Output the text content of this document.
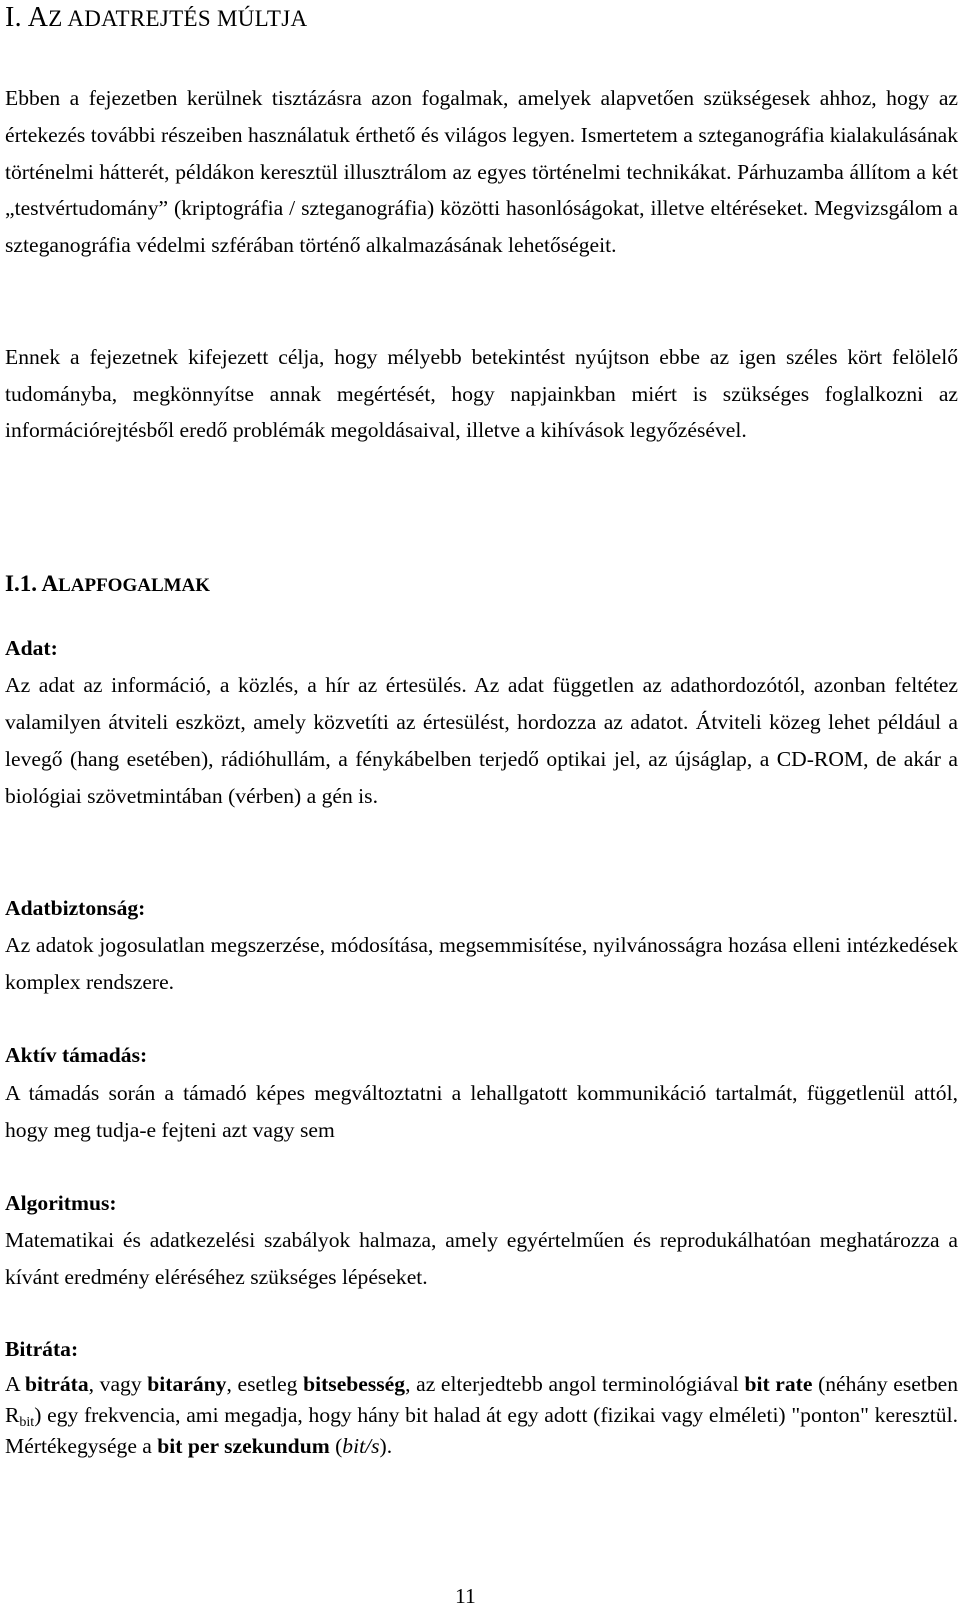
I. AZ ADATREJTÉS MÚLTJA

Ebben a fejezetben kerülnek tisztázásra azon fogalmak, amelyek alapvetően szükségesek ahhoz, hogy az értekezés további részeiben használatuk érthető és világos legyen. Ismertetem a szteganográfia kialakulásának történelmi hátterét, példákon keresztül illusztrálom az egyes történelmi technikákat. Párhuzamba állítom a két „testvértudomány” (kriptográfia / szteganográfia) közötti hasonlóságokat, illetve eltéréseket. Megvizsgálom a szteganográfia védelmi szférában történő alkalmazásának lehetőségeit.

Ennek a fejezetnek kifejezett célja, hogy mélyebb betekintést nyújtson ebbe az igen széles kört felölelő tudományba, megkönnyítse annak megértését, hogy napjainkban miért is szükséges foglalkozni az információrejtésből eredő problémák megoldásaival, illetve a kihívások legyőzésével.

I.1. ALAPFOGALMAK
Adat:

Az adat az információ, a közlés, a hír az értesülés. Az adat független az adathordozótól, azonban feltétez valamilyen átviteli eszközt, amely közvetíti az értesülést, hordozza az adatot. Átviteli közeg lehet például a levegő (hang esetében), rádióhullám, a fénykábelben terjedő optikai jel, az újságlap, a CD-ROM, de akár a biológiai szövetmintában (vérben) a gén is.

Adatbiztonság:

Az adatok jogosulatlan megszerzése, módosítása, megsemmisítése, nyilvánosságra hozása elleni intézkedések komplex rendszere.

Aktív támadás:

A támadás során a támadó képes megváltoztatni a lehallgatott kommunikáció tartalmát, függetlenül attól, hogy meg tudja-e fejteni azt vagy sem

Algoritmus:

Matematikai és adatkezelési szabályok halmaza, amely egyértelműen és reprodukálhatóan meghatározza a kívánt eredmény eléréséhez szükséges lépéseket.

Bitráta:

A bitráta, vagy bitarány, esetleg bitsebesség, az elterjedtebb angol terminológiával bit rate (néhány esetben $R_{bit}$) egy frekvencia, ami megadja, hogy hány bit halad át egy adott (fizikai vagy elméleti) "ponton" keresztül. Mértékegysége a bit per szekundum (bit/s).

11
